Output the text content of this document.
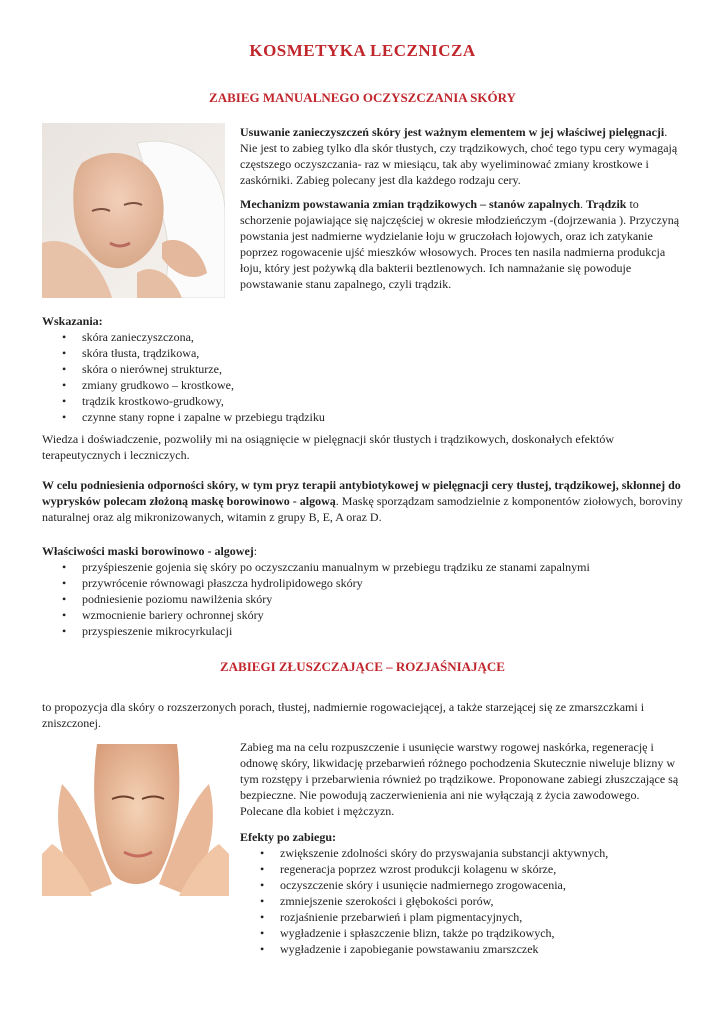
KOSMETYKA LECZNICZA
ZABIEG MANUALNEGO OCZYSZCZANIA SKÓRY

Usuwanie zanieczyszczeń skóry jest ważnym elementem w jej właściwej pielęgnacji. Nie jest to zabieg tylko dla skór tłustych, czy trądzikowych, choć tego typu cery wymagają częstszego oczyszczania- raz w miesiącu, tak aby wyeliminować zmiany krostkowe i zaskórniki. Zabieg polecany jest dla każdego rodzaju cery.

Mechanizm powstawania zmian trądzikowych – stanów zapalnych. Trądzik to schorzenie pojawiające się najczęściej w okresie młodzieńczym -(dojrzewania ). Przyczyną powstania jest nadmierne wydzielanie łoju w gruczołach łojowych, oraz ich zatykanie poprzez rogowacenie ujść mieszków włosowych. Proces ten nasila nadmierna produkcja łoju, który jest pożywką dla bakterii beztlenowych. Ich namnażanie się powoduje powstawanie stanu zapalnego, czyli trądzik.

Wskazania:

• skóra zanieczyszczona,
• skóra tłusta, trądzikowa,
• skóra o nierównej strukturze,
• zmiany grudkowo – krostkowe,
• trądzik krostkowo-grudkowy,
• czynne stany ropne i zapalne w przebiegu trądziku
Wiedza i doświadczenie, pozwoliły mi na osiągnięcie w pielęgnacji skór tłustych i trądzikowych, doskonałych efektów terapeutycznych i leczniczych.
W celu podniesienia odporności skóry, w tym pryz terapii antybiotykowej w pielęgnacji cery tłustej, trądzikowej, skłonnej do wyprysków polecam złożoną maskę borowinowo - algową. Maskę sporządzam samodzielnie z komponentów ziołowych, boroviny naturalnej oraz alg mikronizowanych, witamin z grupy B, E, A oraz D.

Właściwości maski borowinowo - algowej:

• przyśpieszenie gojenia się skóry po oczyszczaniu manualnym w przebiegu trądziku ze stanami zapalnymi
• przywrócenie równowagi płaszcza hydrolipidowego skóry
• podniesienie poziomu nawilżenia skóry
• wzmocnienie bariery ochronnej skóry
• przyspieszenie mikrocyrkulacji
ZABIEGI ZŁUSZCZAJĄCE – ROZJAŚNIAJĄCE
to propozycja dla skóry o rozszerzonych porach, tłustej, nadmiernie rogowaciejącej, a także starzejącej się ze zmarszczkami i zniszczonej.
Zabieg ma na celu rozpuszczenie i usunięcie warstwy rogowej naskórka, regenerację i odnowę skóry, likwidację przebarwień różnego pochodzenia Skutecznie niweluje blizny w tym rozstępy i przebarwienia również po trądzikowe. Proponowane zabiegi złuszczające są bezpieczne. Nie powodują zaczerwienienia ani nie wyłączają z życia zawodowego. Polecane dla kobiet i mężczyzn.

Efekty po zabiegu:

• zwiększenie zdolności skóry do przyswajania substancji aktywnych,
• regeneracja poprzez wzrost produkcji kolagenu w skórze,
• oczyszczenie skóry i usunięcie nadmiernego zrogowacenia,
• zmniejszenie szerokości i głębokości porów,
• rozjaśnienie przebarwień i plam pigmentacyjnych,
• wygładzenie i spłaszczenie blizn, także po trądzikowych,
• wygładzenie i zapobieganie powstawaniu zmarszczek
